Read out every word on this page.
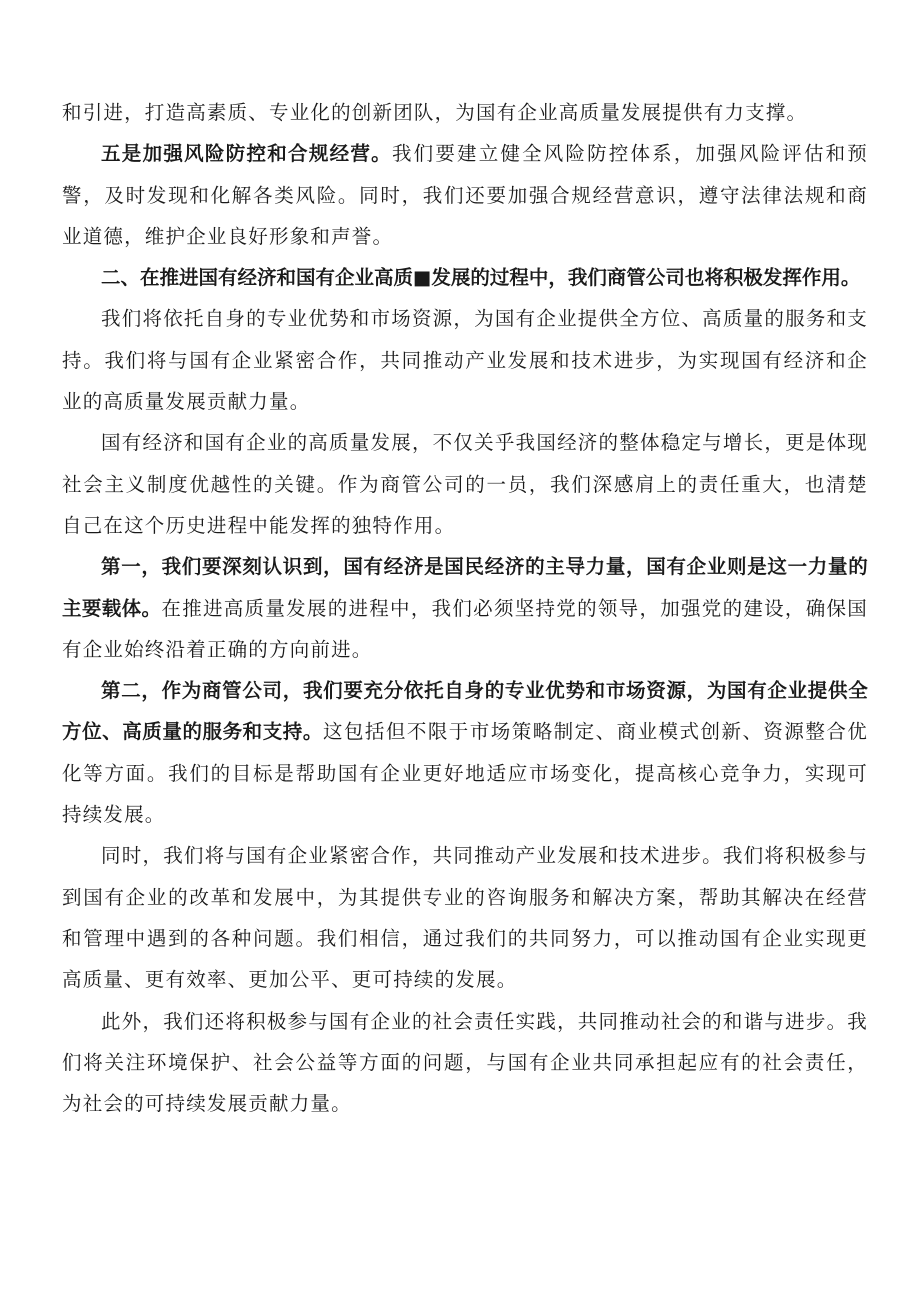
和引进，打造高素质、专业化的创新团队，为国有企业高质量发展提供有力支撑。

五是加强风险防控和合规经营。我们要建立健全风险防控体系，加强风险评估和预警，及时发现和化解各类风险。同时，我们还要加强合规经营意识，遵守法律法规和商业道德，维护企业良好形象和声誉。

二、在推进国有经济和国有企业高质■发展的过程中，我们商管公司也将积极发挥作用。

我们将依托自身的专业优势和市场资源，为国有企业提供全方位、高质量的服务和支持。我们将与国有企业紧密合作，共同推动产业发展和技术进步，为实现国有经济和企业的高质量发展贡献力量。

国有经济和国有企业的高质量发展，不仅关乎我国经济的整体稳定与增长，更是体现社会主义制度优越性的关键。作为商管公司的一员，我们深感肩上的责任重大，也清楚自己在这个历史进程中能发挥的独特作用。

第一，我们要深刻认识到，国有经济是国民经济的主导力量，国有企业则是这一力量的主要载体。在推进高质量发展的进程中，我们必须坚持党的领导，加强党的建设，确保国有企业始终沿着正确的方向前进。

第二，作为商管公司，我们要充分依托自身的专业优势和市场资源，为国有企业提供全方位、高质量的服务和支持。这包括但不限于市场策略制定、商业模式创新、资源整合优化等方面。我们的目标是帮助国有企业更好地适应市场变化，提高核心竞争力，实现可持续发展。

同时，我们将与国有企业紧密合作，共同推动产业发展和技术进步。我们将积极参与到国有企业的改革和发展中，为其提供专业的咨询服务和解决方案，帮助其解决在经营和管理中遇到的各种问题。我们相信，通过我们的共同努力，可以推动国有企业实现更高质量、更有效率、更加公平、更可持续的发展。

此外，我们还将积极参与国有企业的社会责任实践，共同推动社会的和谐与进步。我们将关注环境保护、社会公益等方面的问题，与国有企业共同承担起应有的社会责任，为社会的可持续发展贡献力量。
